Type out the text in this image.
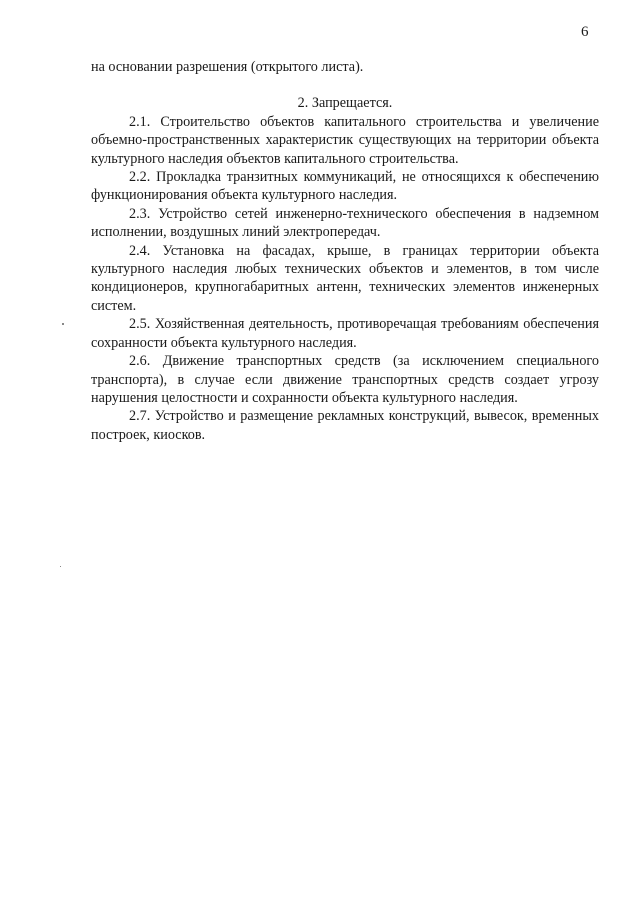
6

на основании разрешения (открытого листа).

2. Запрещается.

2.1. Строительство объектов капитального строительства и увеличение объемно-пространственных характеристик существующих на территории объекта культурного наследия объектов капитального строительства.

2.2. Прокладка транзитных коммуникаций, не относящихся к обеспечению функционирования объекта культурного наследия.

2.3. Устройство сетей инженерно-технического обеспечения в надземном исполнении, воздушных линий электропередач.

2.4. Установка на фасадах, крыше, в границах территории объекта культурного наследия любых технических объектов и элементов, в том числе кондиционеров, крупногабаритных антенн, технических элементов инженерных систем.

2.5. Хозяйственная деятельность, противоречащая требованиям обеспечения сохранности объекта культурного наследия.

2.6. Движение транспортных средств (за исключением специального транспорта), в случае если движение транспортных средств создает угрозу нарушения целостности и сохранности объекта культурного наследия.

2.7. Устройство и размещение рекламных конструкций, вывесок, временных построек, киосков.
